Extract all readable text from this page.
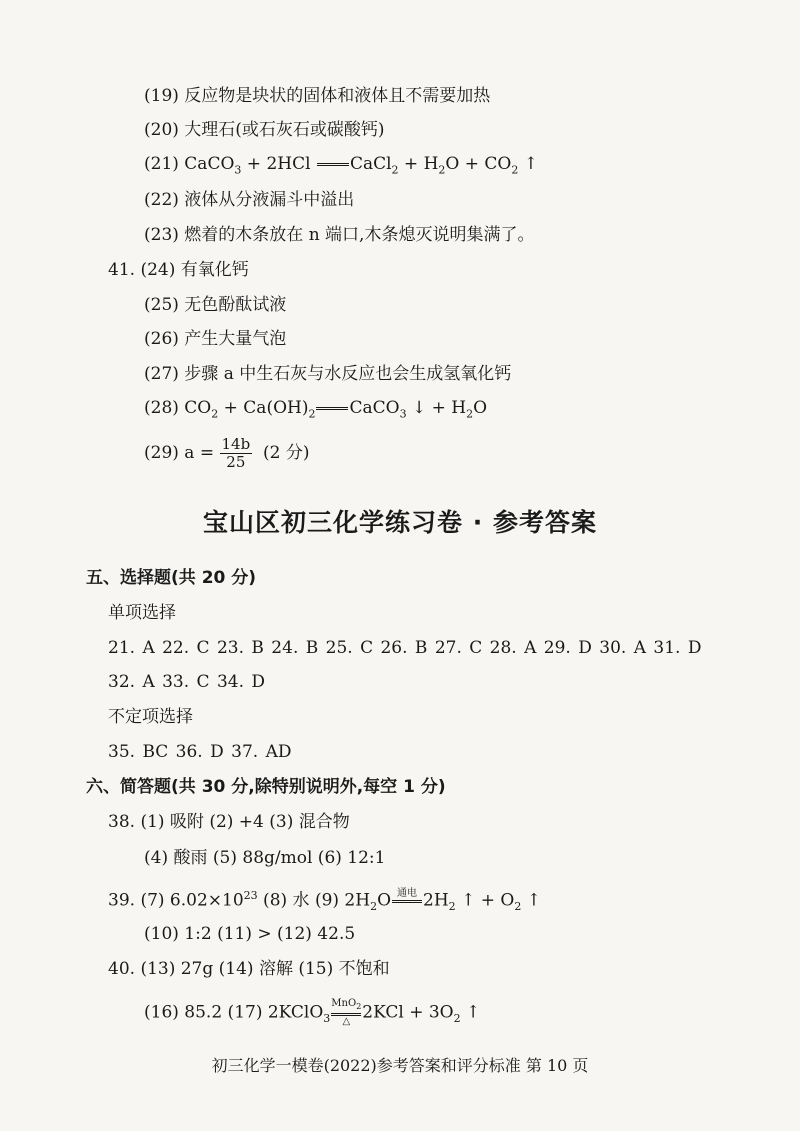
(19) 反应物是块状的固体和液体且不需要加热
(20) 大理石(或石灰石或碳酸钙)
(21) CaCO$_3$ + 2HCl CaCl$_2$ + $H_2O + CO_2$ ↑
(22) 液体从分液漏斗中溢出
(23) 燃着的木条放在 n 端口,木条熄灭说明集满了。
41. (24) 有氧化钙
(25) 无色酚酞试液
(26) 产生大量气泡
(27) 步骤 a 中生石灰与水反应也会生成氢氧化钙
(28) $CO_2 + Ca(OH)_2$ CaCO$_3$ ↓ + $H_2O$
(29) $a = \frac{14b}{25} (2$ 分)
宝山区初三化学练习卷 · 参考答案
五、选择题(共 20 分)
单项选择
21. A 22. C 23. B 24. B 25. C 26. B 27. C 28. A 29. D 30. A 31. D
32. A 33. C 34. D
不定项选择
35. BC 36. D 37. AD
六、简答题(共 30 分,除特别说明外,每空 1 分)
38. (1) 吸附 (2) +4 (3) 混合物
(4) 酸雨 (5) 88g/mol (6) 12:1
39. (7) $6.02\times 10^{23}$ (8) 水 (9) $2H_2O$ 通电
$2H_2$ ↑ + $O_2$ ↑
(10) 1:2 (11) > (12) 42.5
40. (13) 27g (14) 溶解 (15) 不饱和
(16) 85.2 (17) 2KClO$_3$
MnO$_2$
△ $2KCl + 3O_2$ ↑
初三化学一模卷(2022)参考答案和评分标准 第 10 页
